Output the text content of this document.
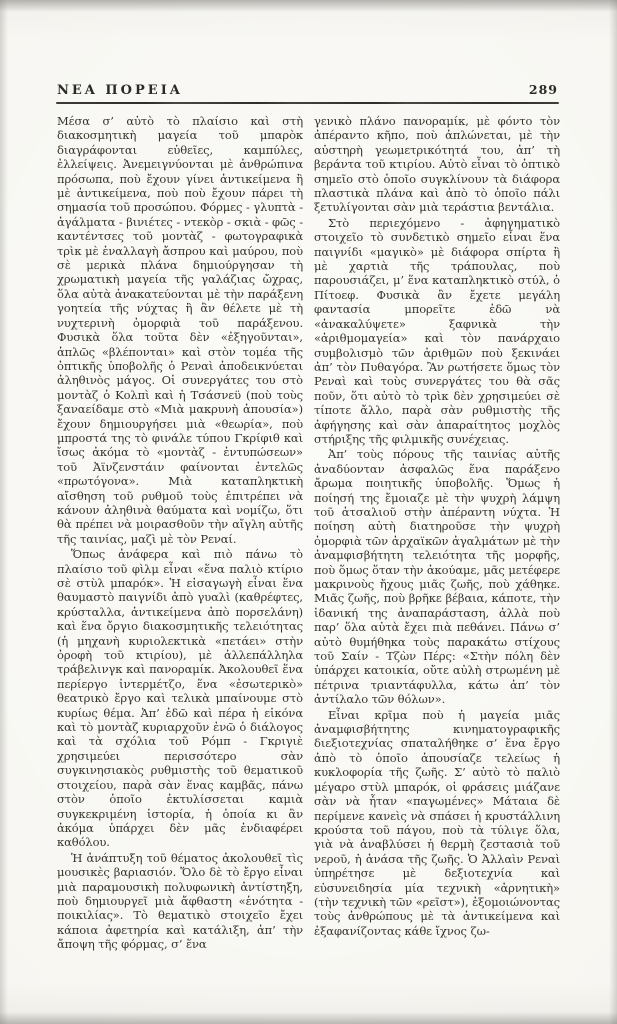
ΝΕΑ ΠΟΡΕΙΑ	289

Μέσα σ’ αὐτὸ τὸ πλαίσιο καὶ στὴ διακοσμητικὴ μαγεία τοῦ μπαρὸκ διαγράφονται εὐθεῖες, καμπύλες, ἐλλείψεις. Ἀνεμειγνύονται μὲ ἀνθρώπινα πρόσωπα, ποὺ ἔχουν γίνει ἀντικείμενα ἢ μὲ ἀντικείμενα, ποὺ ποὺ ἔχουν πάρει τὴ σημασία τοῦ προσώπου. Φόρμες - γλυπτὰ - ἀγάλματα - βινιέτες - ντεκὸρ - σκιὰ - φῶς - καντέντσες τοῦ μοντὰζ - φωτογραφικὰ τρὶκ μὲ ἐναλλαγὴ ἄσπρου καὶ μαύρου, ποὺ σὲ μερικὰ πλάνα δημιούργησαν τὴ χρωματικὴ μαγεία τῆς γαλάζιας ὤχρας, ὅλα αὐτὰ ἀνακατεύονται μὲ τὴν παράξενη γοητεία τῆς νύχτας ἢ ἂν θέλετε μὲ τὴ νυχτερινὴ ὀμορφιὰ τοῦ παράξενου. Φυσικὰ ὅλα τοῦτα δὲν «ἐξηγοῦνται», ἁπλῶς «βλέπονται» καὶ στὸν τομέα τῆς ὀπτικῆς ὑποβολῆς ὁ Ρεναὶ ἀποδεικνύεται ἀληθινὸς μάγος. Οἱ συνεργάτες του στὸ μοντὰζ ὁ Κολπὶ καὶ ἡ Τσάσνεϋ (ποὺ τοὺς ξαναείδαμε στὸ «Μιὰ μακρυνὴ ἀπουσία») ἔχουν δημιουργήσει μιὰ «θεωρία», ποὺ μπροστά της τὸ φινάλε τύπου Γκρίφιθ καὶ ἴσως ἀκόμα τὸ «μοντὰζ - ἐντυπώσεων» τοῦ Ἀϊνζενστάιν φαίνονται ἐντελῶς «πρωτόγονα». Μιὰ καταπληκτικὴ αἴσθηση τοῦ ρυθμοῦ τοὺς ἐπιτρέπει νὰ κάνουν ἀληθινὰ θαύματα καὶ νομίζω, ὅτι θὰ πρέπει νὰ μοιρασθοῦν τὴν αἴγλη αὐτῆς τῆς ταινίας, μαζὶ μὲ τὸν Ρεναί.

Ὅπως ἀνάφερα καὶ πιὸ πάνω τὸ πλαίσιο τοῦ φὶλμ εἶναι «ἕνα παλιὸ κτίριο σὲ στὺλ μπαρόκ». Ἡ εἰσαγωγὴ εἶναι ἕνα θαυμαστὸ παιγνίδι ἀπὸ γυαλὶ (καθρέφτες, κρύσταλλα, ἀντικείμενα ἀπὸ πορσελάνη) καὶ ἕνα ὄργιο διακοσμητικῆς τελειότητας (ἡ μηχανὴ κυριολεκτικὰ «πετάει» στὴν ὀροφὴ τοῦ κτιρίου), μὲ ἀλλεπάλληλα τράβελινγκ καὶ πανοραμίκ. Ἀκολουθεῖ ἕνα περίεργο ἰντερμέτζο, ἕνα «ἐσωτερικὸ» θεατρικὸ ἔργο καὶ τελικὰ μπαίνουμε στὸ κυρίως θέμα. Ἀπ’ ἐδῶ καὶ πέρα ἡ εἰκόνα καὶ τὸ μοντὰζ κυριαρχοῦν ἐνῶ ὁ διάλογος καὶ τὰ σχόλια τοῦ Ρόμπ - Γκριγιὲ χρησιμεύει περισσότερο σὰν συγκινησιακὸς ρυθμιστὴς τοῦ θεματικοῦ στοιχείου, παρὰ σὰν ἕνας καμβᾶς, πάνω στὸν ὁποῖο ἐκτυλίσσεται καμιὰ συγκεκριμένη ἱστορία, ἡ ὁποία κι ἂν ἀκόμα ὑπάρχει δὲν μᾶς ἐνδιαφέρει καθόλου.

Ἡ ἀνάπτυξη τοῦ θέματος ἀκολουθεῖ τὶς μουσικὲς βαριασιόν. Ὅλο δὲ τὸ ἔργο εἶναι μιὰ παραμουσικὴ πολυφωνικὴ ἀντίστηξη, ποὺ δημιουργεῖ μιὰ ἄφθαστη «ἑνότητα - ποικιλίας». Τὸ θεματικὸ στοιχεῖο ἔχει κάποια ἀφετηρία καὶ κατάλιξη, ἀπ’ τὴν ἄποψη τῆς φόρμας, σ’ ἕνα

γενικὸ πλάνο πανοραμίκ, μὲ φόντο τὸν ἀπέραντο κῆπο, ποὺ ἁπλώνεται, μὲ τὴν αὐστηρὴ γεωμετρικότητά του, ἀπ’ τὴ βεράντα τοῦ κτιρίου. Αὐτὸ εἶναι τὸ ὀπτικὸ σημεῖο στὸ ὁποῖο συγκλίνουν τὰ διάφορα πλαστικὰ πλάνα καὶ ἀπὸ τὸ ὁποῖο πάλι ξετυλίγονται σὰν μιὰ τεράστια βεντάλια.

Στὸ περιεχόμενο - ἀφηγηματικὸ στοιχεῖο τὸ συνδετικὸ σημεῖο εἶναι ἕνα παιγνίδι «μαγικὸ» μὲ διάφορα σπίρτα ἢ μὲ χαρτιὰ τῆς τράπουλας, ποὺ παρουσιάζει, μ’ ἕνα καταπληκτικὸ στύλ, ὁ Πίτοεφ. Φυσικὰ ἂν ἔχετε μεγάλη φαντασία μπορεῖτε ἐδῶ νὰ «ἀνακαλύψετε» ξαφνικὰ τὴν «ἀριθμομαγεία» καὶ τὸν πανάρχαιο συμβολισμὸ τῶν ἀριθμῶν ποὺ ξεκινάει ἀπ’ τὸν Πυθαγόρα. Ἂν ρωτήσετε ὅμως τὸν Ρεναὶ καὶ τοὺς συνεργάτες του θὰ σᾶς ποῦν, ὅτι αὐτὸ τὸ τρὶκ δὲν χρησιμεύει σὲ τίποτε ἄλλο, παρὰ σὰν ρυθμιστὴς τῆς ἀφήγησης καὶ σὰν ἀπαραίτητος μοχλὸς στήριξης τῆς φιλμικῆς συνέχειας.

Ἀπ’ τοὺς πόρους τῆς ταινίας αὐτῆς ἀναδύονταν ἀσφαλῶς ἕνα παράξενο ἄρωμα ποιητικῆς ὑποβολῆς. Ὅμως ἡ ποίησή της ἔμοιαζε μὲ τὴν ψυχρὴ λάμψη τοῦ ἀτσαλιοῦ στὴν ἀπέραντη νύχτα. Ἡ ποίηση αὐτὴ διατηροῦσε τὴν ψυχρὴ ὀμορφιὰ τῶν ἀρχαϊκῶν ἀγαλμάτων μὲ τὴν ἀναμφισβήτητη τελειότητα τῆς μορφῆς, ποὺ ὅμως ὅταν τὴν ἀκούαμε, μᾶς μετέφερε μακρινοὺς ἤχους μιᾶς ζωῆς, ποὺ χάθηκε. Μιᾶς ζωῆς, ποὺ βρῆκε βέβαια, κάποτε, τὴν ἰδανική της ἀναπαράσταση, ἀλλὰ ποὺ παρ’ ὅλα αὐτὰ ἔχει πιὰ πεθάνει. Πάνω σ’ αὐτὸ θυμήθηκα τοὺς παρακάτω στίχους τοῦ Σαίν - Τζὼν Πέρς: «Στὴν πόλη δὲν ὑπάρχει κατοικία, οὔτε αὐλὴ στρωμένη μὲ πέτρινα τριαντάφυλλα, κάτω ἀπ’ τὸν ἀντίλαλο τῶν θόλων».

Εἶναι κρῖμα ποὺ ἡ μαγεία μιᾶς ἀναμφισβήτητης κινηματογραφικῆς διεξιοτεχνίας σπαταλήθηκε σ’ ἕνα ἔργο ἀπὸ τὸ ὁποῖο ἀπουσίαζε τελείως ἡ κυκλοφορία τῆς ζωῆς. Σ’ αὐτὸ τὸ παλιὸ μέγαρο στὺλ μπαρόκ, οἱ φράσεις μιάζανε σὰν νὰ ἦταν «παγωμένες» Μάταια δὲ περίμενε κανεὶς νὰ σπάσει ἡ κρυστάλλινη κρούστα τοῦ πάγου, ποὺ τὰ τύλιγε ὅλα, γιὰ νὰ ἀναβλύσει ἡ θερμὴ ζεστασιὰ τοῦ νεροῦ, ἡ ἀνάσα τῆς ζωῆς. Ὁ Ἀλλαὶν Ρεναὶ ὑπηρέτησε μὲ δεξιοτεχνία καὶ εὐσυνειδησία μία τεχνικὴ «ἀρνητικὴ» (τὴν τεχνικὴ τῶν «ρεῖστ»), ἐξομοιώνοντας τοὺς ἀνθρώπους μὲ τὰ ἀντικείμενα καὶ ἐξαφανίζοντας κάθε ἴχνος ζω-
